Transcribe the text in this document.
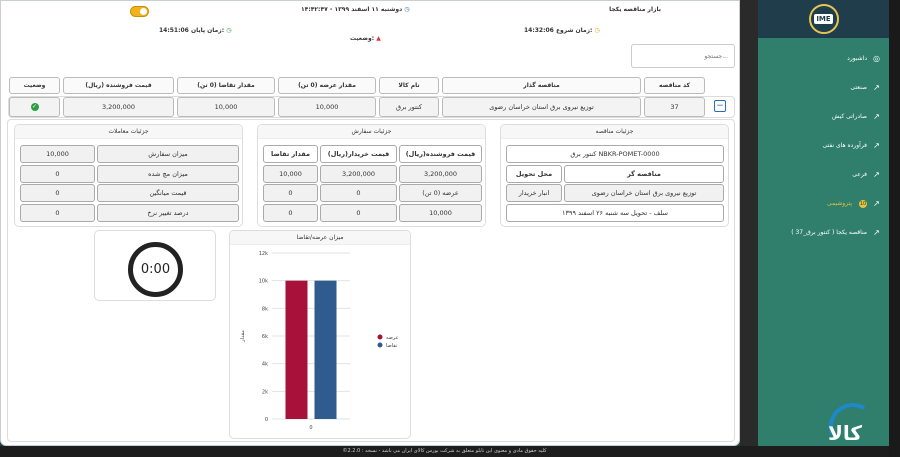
بازار مناقصه یکجا
دوشنبه ۱۱ اسفند ۱۳۹۹ - ۱۴:۴۲:۴۷ ◷
14:32:06 زمان شروع: ◷
14:51:06 زمان پایان: ◷
وضعیت: ▲
جستجو...
کد مناقصه
مناقصه گذار
نام کالا
مقدار عرضه (0 تن)
مقدار تقاضا (0 تن)
قیمت فروشنده (ریال)
وضعیت
−
37
توزیع نیروی برق استان خراسان رضوی
کنتور برق
10,000
10,000
3,200,000
✓
جزئیات مناقصه
کنتور برق NBKR-POMET-0000
مناقصه گر
محل تحویل
توزیع نیروی برق استان خراسان رضوی
انبار خریدار
سلف - تحویل سه شنبه ۲۶ اسفند ۱۳۹۹
جزئیات سفارش
قیمت فروشنده(ریال)
قیمت خریدار(ریال)
مقدار تقاضا
3,200,000
3,200,000
10,000
عرضه (0 تن)
0
0
10,000
0
0
جزئیات معاملات
میزان سفارش
10,000
میزان مچ شده
0
قیمت میانگین
0
درصد تغییر نرخ
0
0:00
میزان عرضه/تقاضا
0
2k
4k
6k
8k
10k
12k
مقدار
0
عرضه
تقاضا
IME
داشبورد ◎
صنعتی ↗
صادراتی کیش ↗
فرآورده های نفتی ↗
فرعی ↗
پتروشیمی 10 ↗
مناقصه یکجا ( کنتور برق_37 ) ↗
کالا
©کلیه حقوق مادی و معنوی این تابلو متعلق به شرکت بورس کالای ایران می باشد - نسخه : 2.2.0
